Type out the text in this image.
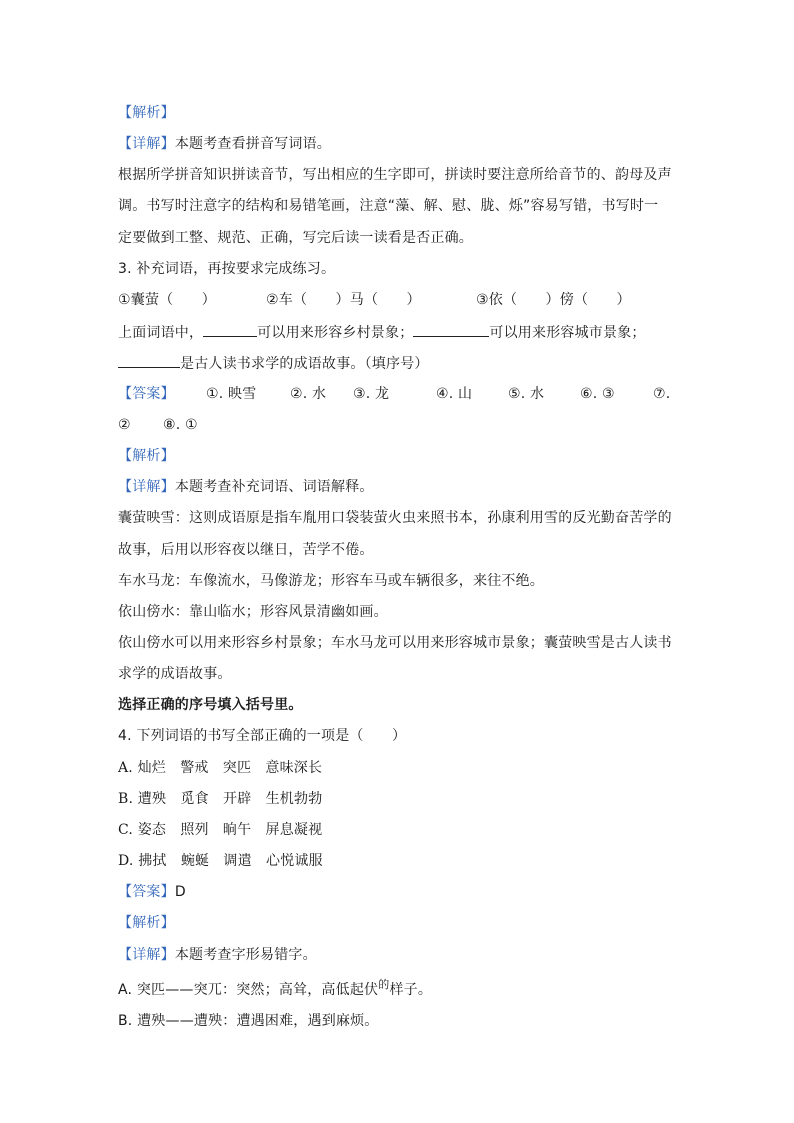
【解析】
【详解】本题考查看拼音写词语。
根据所学拼音知识拼读音节，写出相应的生字即可，拼读时要注意所给音节的、韵母及声
调。书写时注意字的结构和易错笔画，注意“藻、解、慰、胧、烁”容易写错，书写时一
定要做到工整、规范、正确，写完后读一读看是否正确。
3. 补充词语，再按要求完成练习。
①囊萤（　　）	②车（　　）马（　　）	③依（　　）傍（　　）
上面词语中，	可以用来形容乡村景象；	可以用来形容城市景象；
是古人读书求学的成语故事。（填序号）
【答案】 ①. 映雪 ②. 水 ③. 龙	④. 山	⑤. 水	⑥. ③	⑦.
② ⑧. ①
【解析】
【详解】本题考查补充词语、词语解释。
囊萤映雪：这则成语原是指车胤用口袋装萤火虫来照书本，孙康利用雪的反光勤奋苦学的
故事，后用以形容夜以继日，苦学不倦。
车水马龙：车像流水，马像游龙；形容车马或车辆很多，来往不绝。
依山傍水：靠山临水；形容风景清幽如画。
依山傍水可以用来形容乡村景象；车水马龙可以用来形容城市景象；囊萤映雪是古人读书
求学的成语故事。
选择正确的序号填入括号里。
4. 下列词语的书写全部正确的一项是（　　）
A. 灿烂　警戒　突匹　意味深长
B. 遭殃　觅食　开辟　生机勃勃
C. 姿态　照列　晌午　屏息凝视
D. 拂拭　蜿蜒　调遣　心悦诚服
【答案】D
【解析】
【详解】本题考查字形易错字。
A. 突匹——突兀：突然；高耸，高低起伏$^的$样子。
B. 遭殃——遭殃：遭遇困难，遇到麻烦。
